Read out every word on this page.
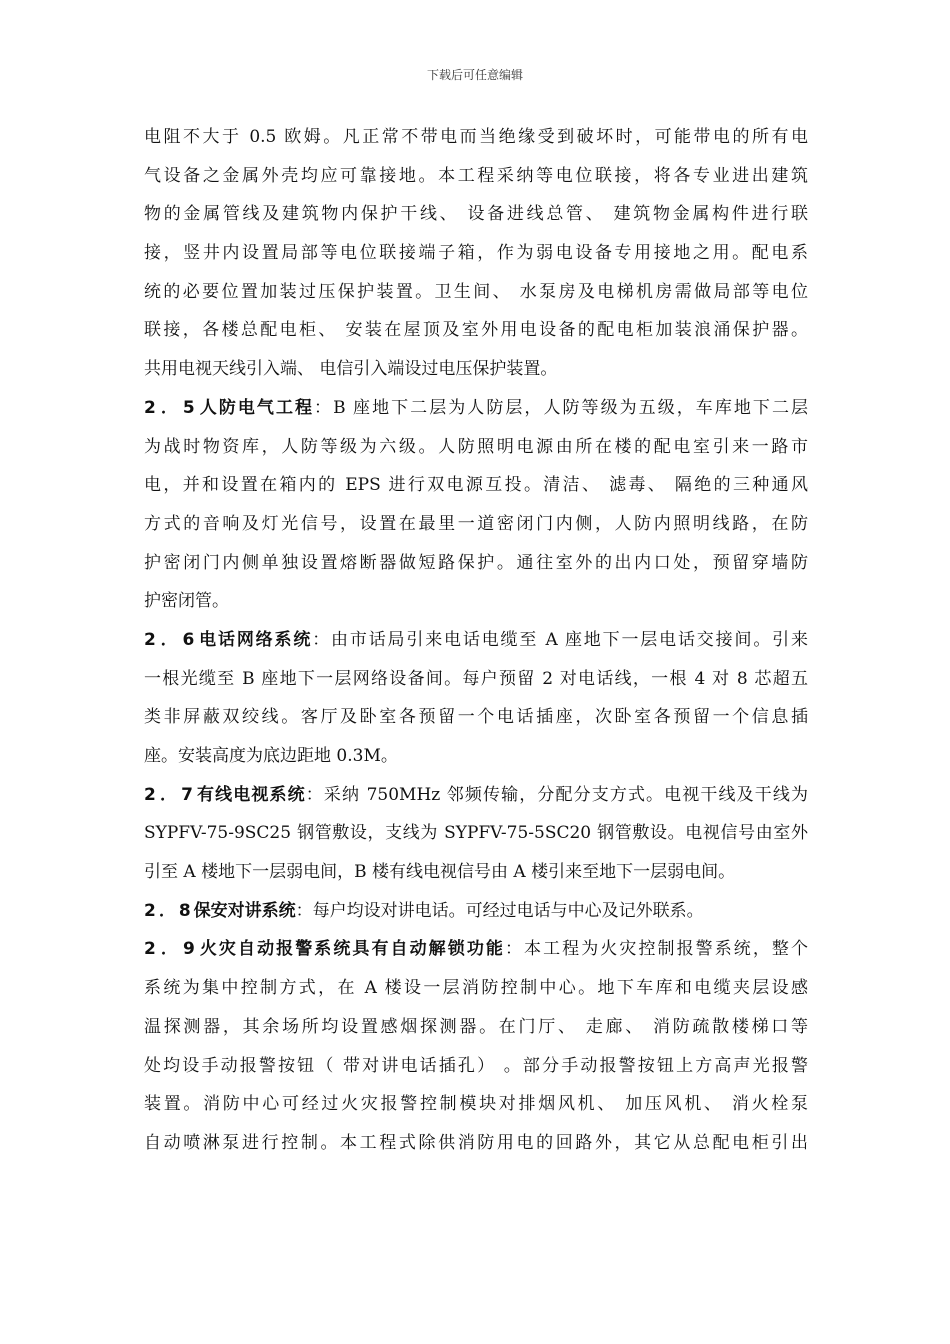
下载后可任意编辑
电阻不大于 0.5 欧姆。凡正常不带电而当绝缘受到破坏时，可能带电的所有电
气设备之金属外壳均应可靠接地。本工程采纳等电位联接，将各专业进出建筑
物的金属管线及建筑物内保护干线、 设备进线总管、 建筑物金属构件进行联
接，竖井内设置局部等电位联接端子箱，作为弱电设备专用接地之用。配电系
统的必要位置加装过压保护装置。卫生间、 水泵房及电梯机房需做局部等电位
联接，各楼总配电柜、 安装在屋顶及室外用电设备的配电柜加装浪涌保护器。
共用电视天线引入端、 电信引入端设过电压保护装置。
2．5人防电气工程：B 座地下二层为人防层，人防等级为五级，车库地下二层
为战时物资库，人防等级为六级。人防照明电源由所在楼的配电室引来一路市
电，并和设置在箱内的 EPS 进行双电源互投。清洁、 滤毒、 隔绝的三种通风
方式的音响及灯光信号，设置在最里一道密闭门内侧，人防内照明线路，在防
护密闭门内侧单独设置熔断器做短路保护。通往室外的出内口处，预留穿墙防
护密闭管。
2．6电话网络系统：由市话局引来电话电缆至 A 座地下一层电话交接间。引来
一根光缆至 B 座地下一层网络设备间。每户预留 2 对电话线，一根 4 对 8 芯超五
类非屏蔽双绞线。客厅及卧室各预留一个电话插座，次卧室各预留一个信息插
座。安装高度为底边距地 0.3M。
2．7有线电视系统：采纳 750MHz 邻频传输，分配分支方式。电视干线及干线为
SYPFV-75-9SC25 钢管敷设，支线为 SYPFV-75-5SC20 钢管敷设。电视信号由室外
引至 A 楼地下一层弱电间，B 楼有线电视信号由 A 楼引来至地下一层弱电间。
2．8保安对讲系统：每户均设对讲电话。可经过电话与中心及记外联系。
2．9火灾自动报警系统具有自动解锁功能：本工程为火灾控制报警系统，整个
系统为集中控制方式，在 A 楼设一层消防控制中心。地下车库和电缆夹层设感
温探测器，其余场所均设置感烟探测器。在门厅、 走廊、 消防疏散楼梯口等
处均设手动报警按钮（ 带对讲电话插孔） 。部分手动报警按钮上方高声光报警
装置。消防中心可经过火灾报警控制模块对排烟风机、 加压风机、 消火栓泵
自动喷淋泵进行控制。本工程式除供消防用电的回路外，其它从总配电柜引出
